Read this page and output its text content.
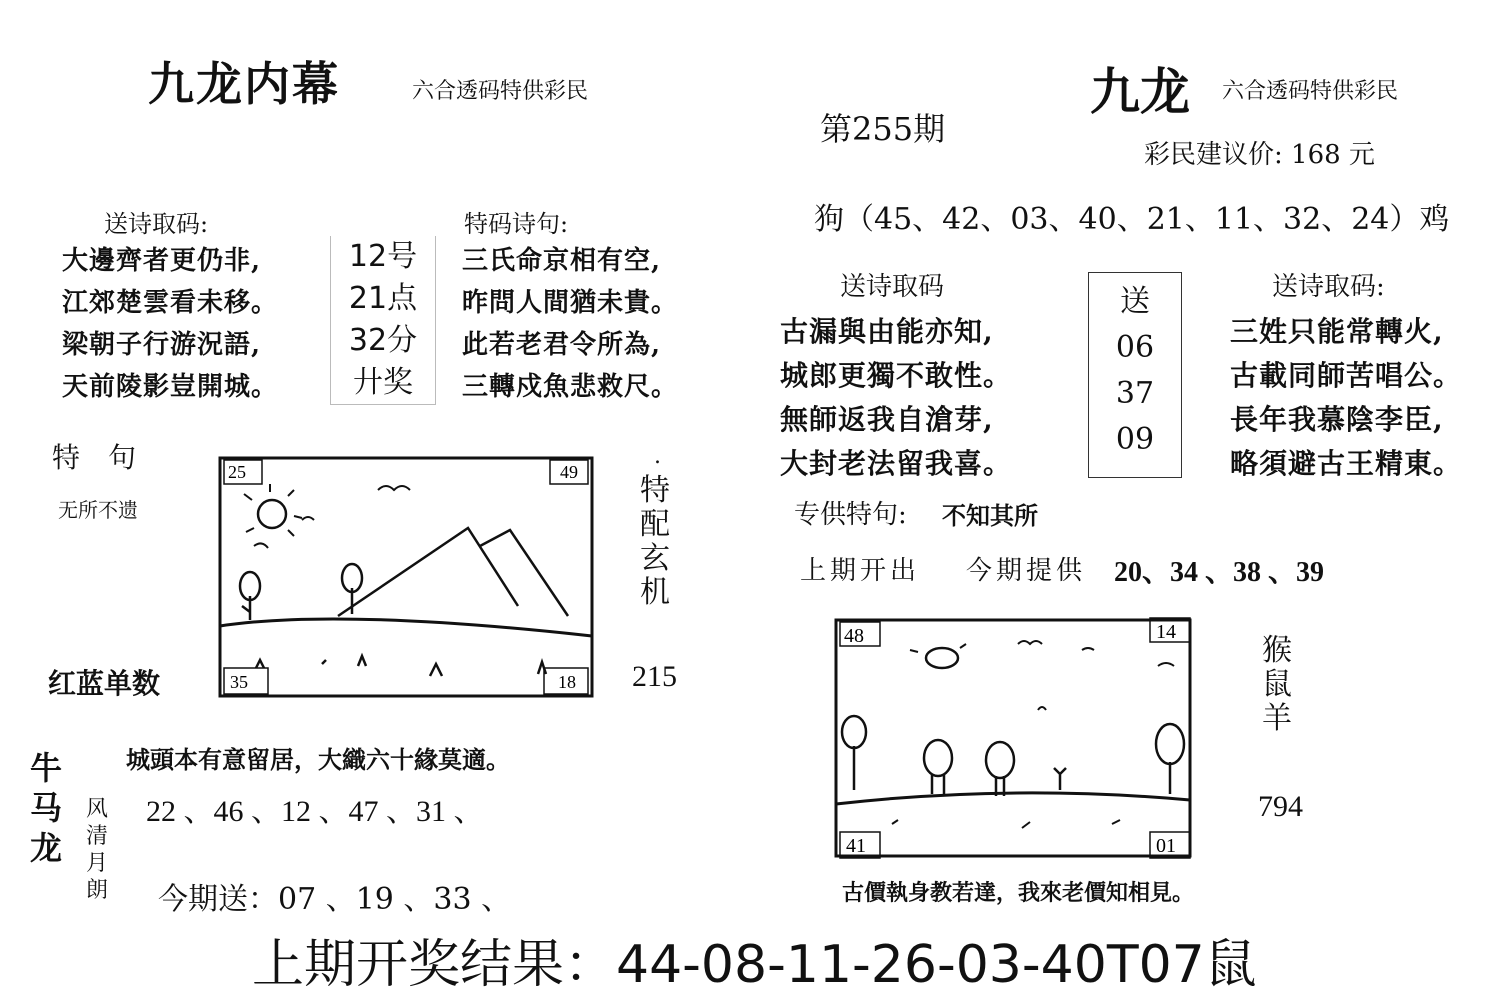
九龙内幕	六合透码特供彩民
送诗取码:
大邊齊者更仍非,
江郊楚雲看未移。
梁朝子行游況語,
天前陵影豈開城。
12号
21点
32分
廾奖
特码诗句:
三氏命京相有空,
昨問人間猶未貴。
此若老君令所為,
三轉戍魚悲救尺。
特　句
无所不遗
25	49
35	18
.
特
配
玄
机
红蓝单数	215
牛
马
龙
风
清
月
朗
城頭本有意留居，大織六十緣莫適。
22 、46 、12 、47 、31 、
今期送：07 、19 、33 、
第255期
九龙 六合透码特供彩民
彩民建议价: 168 元
狗（45、42、03、40、21、11、32、24）鸡
送诗取码
古漏與由能亦知,
城郎更獨不敢性。
無師返我自滄芽,
大封老法留我喜。
送
06
37
09
送诗取码:
三姓只能常轉火,
古載同師苦唱公。
長年我慕陰李臣,
略須避古王精東。
专供特句: 不知其所
上期开出 今期提供 20、34 、38 、39
48	14
41	01
猴
鼠
羊
794
古價執身教若達，我來老價知相見。
上期开奖结果：44-08-11-26-03-40T07鼠
